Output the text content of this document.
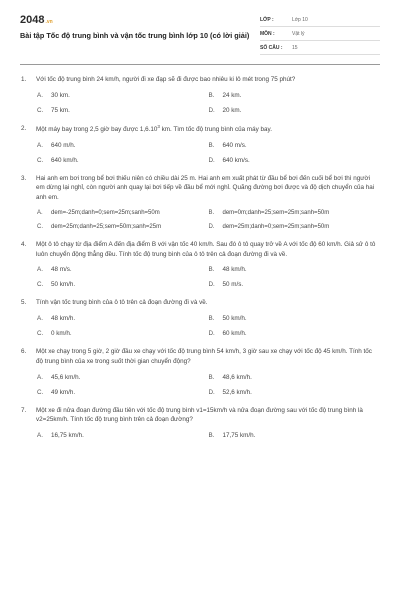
2048 .vn
Bài tập Tốc độ trung bình và vận tốc trung bình lớp 10 (có lời giải)
LỚP :	Lớp 10
MÔN :	Vật lý
SỐ CÂU :	15
1.	Với tốc độ trung bình 24 km/h, người đi xe đạp sẽ đi được bao nhiêu ki lô mét trong 75 phút?
A.	30 km.	B.	24 km.
C.	75 km.	D.	20 km.
2.	Một máy bay trong 2,5 giờ bay được 1,6.10$^3$ km. Tìm tốc độ trung bình của máy bay.
A.	640 m/h.	B.	640 m/s.
C.	640 km/h.	D.	640 km/s.
3.	Hai anh em bơi trong bể bơi thiếu niên có chiều dài 25 m. Hai anh em xuất phát từ đầu bể bơi đến cuối bể bơi thì người em dừng lại nghỉ, còn người anh quay lại bơi tiếp về đầu bể mới nghỉ. Quãng đường bơi được và độ dịch chuyển của hai anh em.
A.	dem=-25m;danh=0;sem=25m;sanh=50m	B.	dem=0m;danh=25;sem=25m;sanh=50m
C.	dem=25m;danh=25;sem=50m;sanh=25m	D.	dem=25m;danh=0;sem=25m;sanh=50m
4.	Một ô tô chạy từ địa điểm A đến địa điểm B với vận tốc 40 km/h. Sau đó ô tô quay trở về A với tốc độ 60 km/h. Giả sử ô tô luôn chuyển động thẳng đều. Tính tốc độ trung bình của ô tô trên cả đoạn đường đi và về.
A.	48 m/s.	B.	48 km/h.
C.	50 km/h.	D.	50 m/s.
5.	Tính vận tốc trung bình của ô tô trên cả đoạn đường đi và về.
A.	48 km/h.	B.	50 km/h.
C.	0 km/h.	D.	60 km/h.
6.	Một xe chạy trong 5 giờ, 2 giờ đầu xe chạy với tốc độ trung bình 54 km/h, 3 giờ sau xe chạy với tốc độ 45 km/h. Tính tốc độ trung bình của xe trong suốt thời gian chuyển động?
A.	45,6 km/h.	B.	48,6 km/h.
C.	49 km/h.	D.	52,6 km/h.
7.	Một xe đi nửa đoạn đường đầu tiên với tốc độ trung bình v1=15km/h và nửa đoạn đường sau với tốc độ trung bình là v2=25km/h. Tính tốc độ trung bình trên cả đoạn đường?
A.	16,75 km/h.	B.	17,75 km/h.
